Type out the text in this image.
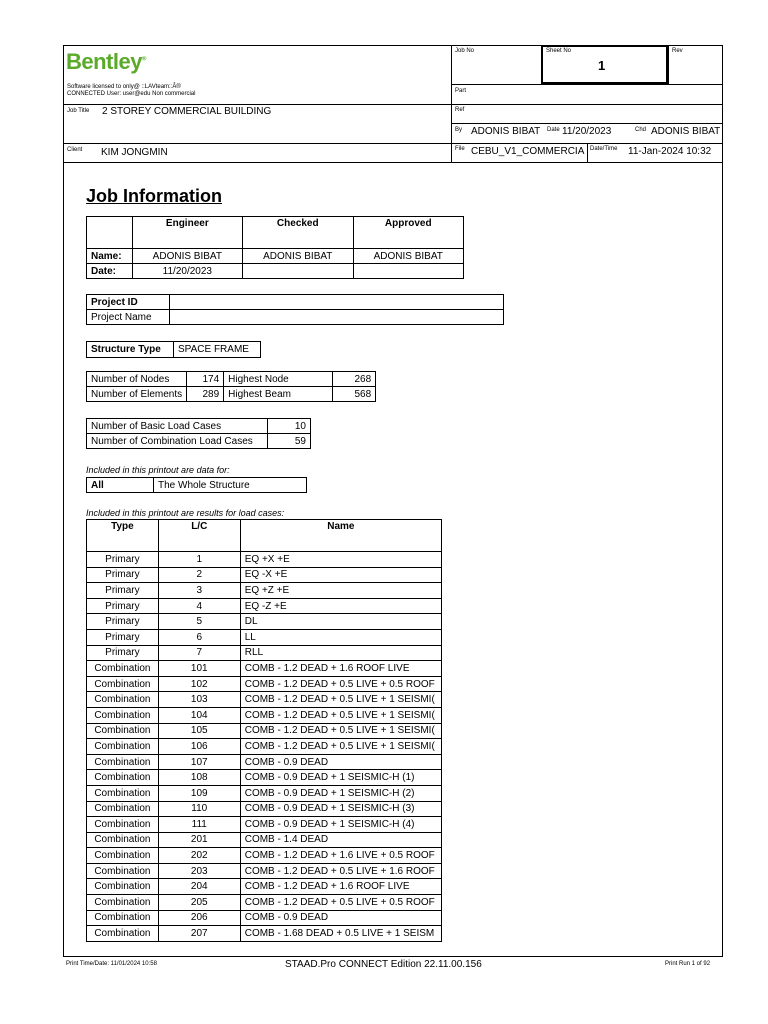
Bentley®
Software licensed to only@ ::LAVteam::Â®
CONNECTED User: user@edu Non commercial
Job Title 2 STOREY COMMERCIAL BUILDING
Client KIM JONGMIN
Job No	Sheet No
1
Rev
Part
Ref
By ADONIS BIBAT Date 11/20/2023	Chd ADONIS BIBAT
File CEBU_V1_COMMERCIA Date/Time 11-Jan-2024 10:32
Job Information
	Engineer	Checked	Approved
Name:	ADONIS BIBAT	ADONIS BIBAT	ADONIS BIBAT
Date:	11/20/2023		
Project ID	
Project Name	
Structure Type	SPACE FRAME
Number of Nodes	174	Highest Node	268
Number of Elements	289	Highest Beam	568
Number of Basic Load Cases	10
Number of Combination Load Cases	59
Included in this printout are data for:
All	The Whole Structure
Included in this printout are results for load cases:
Type	L/C	Name
Primary	1	EQ +X +E
Primary	2	EQ -X +E
Primary	3	EQ +Z +E
Primary	4	EQ -Z +E
Primary	5	DL
Primary	6	LL
Primary	7	RLL
Combination	101	COMB - 1.2 DEAD + 1.6 ROOF LIVE
Combination	102	COMB - 1.2 DEAD + 0.5 LIVE + 0.5 ROOF
Combination	103	COMB - 1.2 DEAD + 0.5 LIVE + 1 SEISMI(
Combination	104	COMB - 1.2 DEAD + 0.5 LIVE + 1 SEISMI(
Combination	105	COMB - 1.2 DEAD + 0.5 LIVE + 1 SEISMI(
Combination	106	COMB - 1.2 DEAD + 0.5 LIVE + 1 SEISMI(
Combination	107	COMB - 0.9 DEAD
Combination	108	COMB - 0.9 DEAD + 1 SEISMIC-H (1)
Combination	109	COMB - 0.9 DEAD + 1 SEISMIC-H (2)
Combination	110	COMB - 0.9 DEAD + 1 SEISMIC-H (3)
Combination	111	COMB - 0.9 DEAD + 1 SEISMIC-H (4)
Combination	201	COMB - 1.4 DEAD
Combination	202	COMB - 1.2 DEAD + 1.6 LIVE + 0.5 ROOF
Combination	203	COMB - 1.2 DEAD + 0.5 LIVE + 1.6 ROOF
Combination	204	COMB - 1.2 DEAD + 1.6 ROOF LIVE
Combination	205	COMB - 1.2 DEAD + 0.5 LIVE + 0.5 ROOF
Combination	206	COMB - 0.9 DEAD
Combination	207	COMB - 1.68 DEAD + 0.5 LIVE + 1 SEISM
Print Time/Date: 11/01/2024 10:58	STAAD.Pro CONNECT Edition 22.11.00.156	Print Run 1 of 92
